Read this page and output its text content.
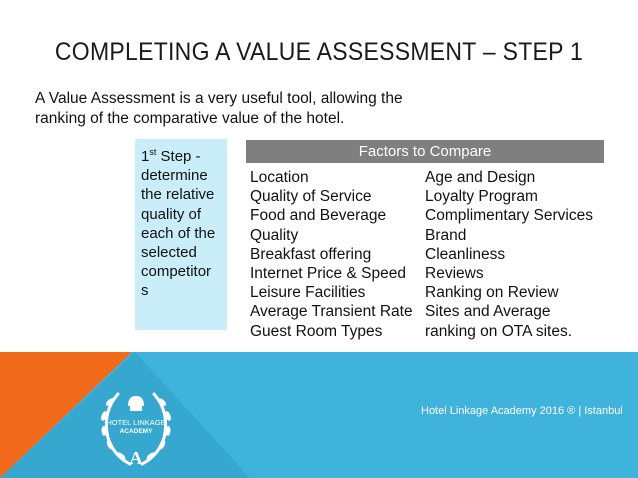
COMPLETING A VALUE ASSESSMENT – STEP 1
A Value Assessment is a very useful tool, allowing the
ranking of the comparative value of the hotel.
1st Step -
determine
the relative
quality of
each of the
selected
competitor
s
Factors to Compare
Location
Quality of Service
Food and Beverage
Quality
Breakfast offering
Internet Price & Speed
Leisure Facilities
Average Transient Rate
Guest Room Types
Age and Design
Loyalty Program
Complimentary Services
Brand
Cleanliness
Reviews
Ranking on Review
Sites and Average
ranking on OTA sites.
HOTEL LINKAGE
ACADEMY
A
Hotel Linkage Academy 2016 ® | Istanbul
